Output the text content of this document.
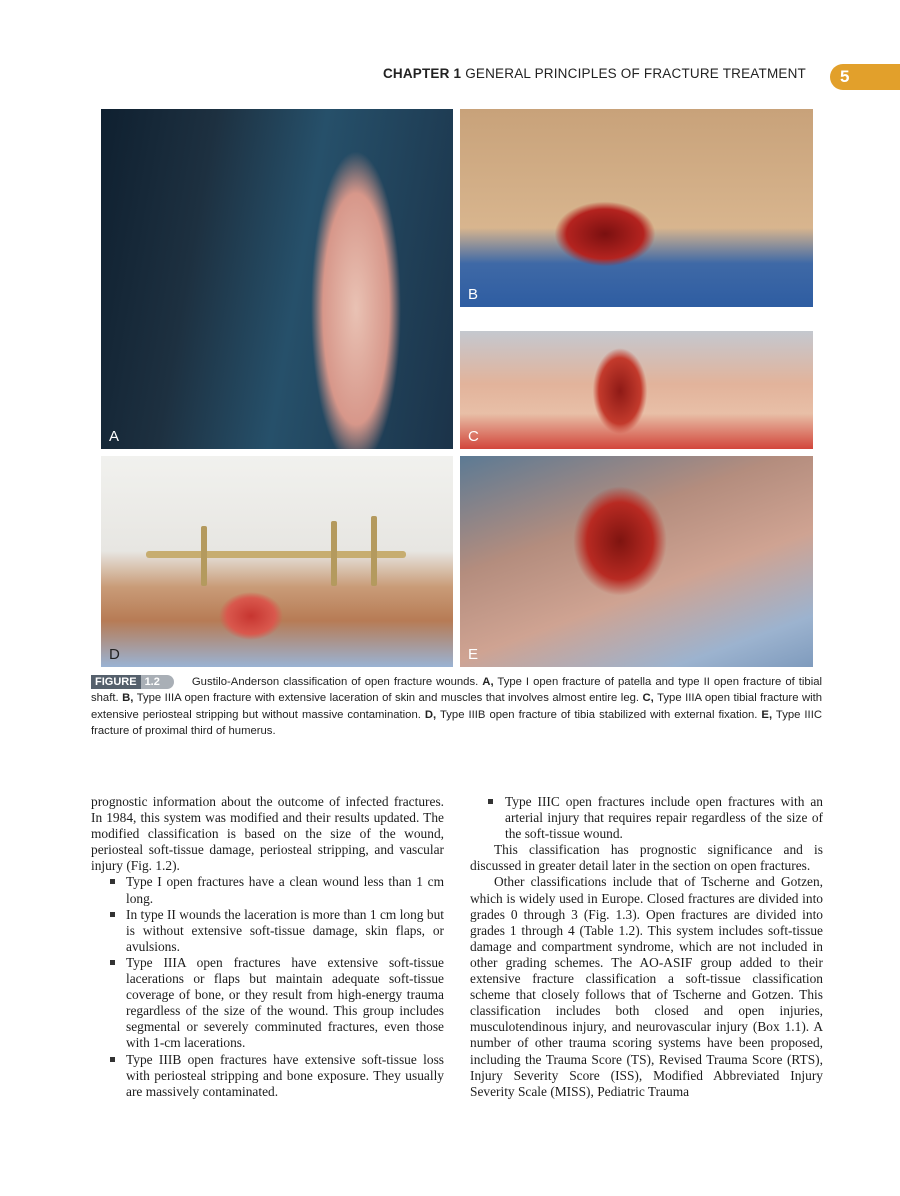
CHAPTER 1 GENERAL PRINCIPLES OF FRACTURE TREATMENT	5
A
B
C
D	E
FIGURE 1.2	Gustilo-Anderson classification of open fracture wounds. A, Type I open fracture of patella and type II open fracture of tibial shaft. B, Type IIIA open fracture with extensive laceration of skin and muscles that involves almost entire leg. C, Type IIIA open tibial fracture with extensive periosteal stripping but without massive contamination. D, Type IIIB open fracture of tibia stabilized with external fixation. E, Type IIIC fracture of proximal third of humerus.

prognostic information about the outcome of infected fractures. In 1984, this system was modified and their results updated. The modified classification is based on the size of the wound, periosteal soft-tissue damage, periosteal stripping, and vascular injury (Fig. 1.2).

Type I open fractures have a clean wound less than 1 cm long.
In type II wounds the laceration is more than 1 cm long but is without extensive soft-tissue damage, skin flaps, or avulsions.
Type IIIA open fractures have extensive soft-tissue lacerations or flaps but maintain adequate soft-tissue coverage of bone, or they result from high-energy trauma regardless of the size of the wound. This group includes segmental or severely comminuted fractures, even those with 1-cm lacerations.
Type IIIB open fractures have extensive soft-tissue loss with periosteal stripping and bone exposure. They usually are massively contaminated.
Type IIIC open fractures include open fractures with an arterial injury that requires repair regardless of the size of the soft-tissue wound.

This classification has prognostic significance and is discussed in greater detail later in the section on open fractures.

Other classifications include that of Tscherne and Gotzen, which is widely used in Europe. Closed fractures are divided into grades 0 through 3 (Fig. 1.3). Open fractures are divided into grades 1 through 4 (Table 1.2). This system includes soft-tissue damage and compartment syndrome, which are not included in other grading schemes. The AO-ASIF group added to their extensive fracture classification a soft-tissue classification scheme that closely follows that of Tscherne and Gotzen. This classification includes both closed and open injuries, musculotendinous injury, and neurovascular injury (Box 1.1). A number of other trauma scoring systems have been proposed, including the Trauma Score (TS), Revised Trauma Score (RTS), Injury Severity Score (ISS), Modified Abbreviated Injury Severity Scale (MISS), Pediatric Trauma
